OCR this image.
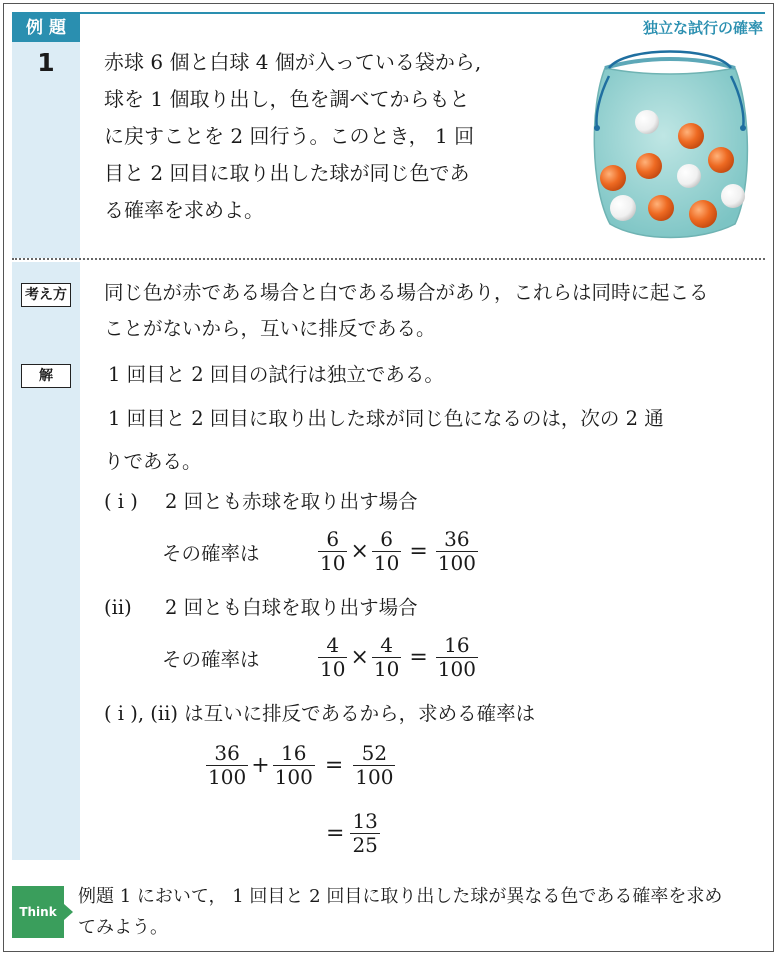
例 題
1
独立な試行の確率
赤球 6 個と白球 4 個が入っている袋から,
球を 1 個取り出し，色を調べてからもと
に戻すことを 2 回行う。このとき， 1 回
目と 2 回目に取り出した球が同じ色であ
る確率を求めよ。
考え方 同じ色が赤である場合と白である場合があり，これらは同時に起こる
ことがないから，互いに排反である。
解	1 回目と 2 回目の試行は独立である。
1 回目と 2 回目に取り出した球が同じ色になるのは，次の 2 通
りである。
( i ) 2 回とも赤球を取り出す場合
その確率は	$\frac{6}{10} \times \frac{6}{10} = \frac{36}{100}$
(ii) 2 回とも白球を取り出す場合
その確率は	$\frac{4}{10} \times \frac{4}{10} = \frac{16}{100}$
( i ), (ii) は互いに排反であるから，求める確率は
$\frac{36}{100} + \frac{16}{100} = \frac{52}{100}$
= $\frac{13}{25}$
Think
例題 1 において， 1 回目と 2 回目に取り出した球が異なる色である確率を求め
てみよう。
